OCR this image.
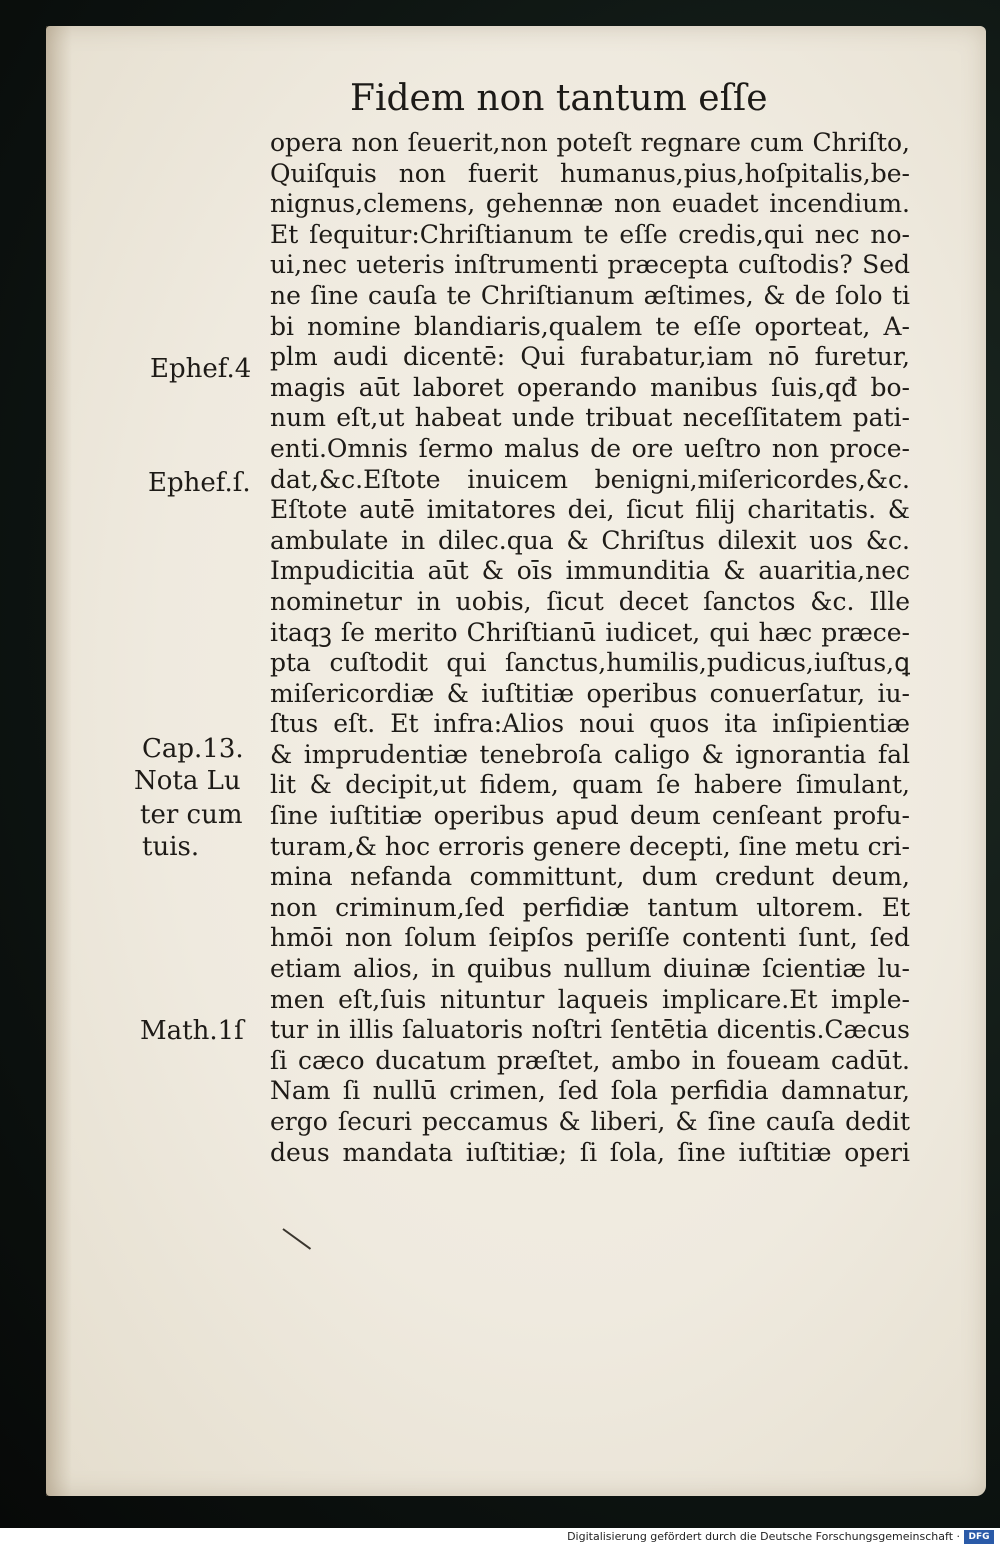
Fidem non tantum eſſe
opera non ſeuerit,non poteſt regnare cum Chriſto,
Quiſquis non fuerit humanus,pius,hoſpitalis,be-
nignus,clemens, gehennæ non euadet incendium.
Et ſequitur:Chriſtianum te eſſe credis,qui nec no-
ui,nec ueteris inſtrumenti præcepta cuſtodis? Sed
ne ſine cauſa te Chriſtianum æſtimes, & de ſolo ti
bi nomine blandiaris,qualem te eſſe oporteat, A-
plm audi dicentē: Qui furabatur,iam nō furetur,
magis aūt laboret operando manibus ſuis,qđ bo-
num eſt,ut habeat unde tribuat neceſſitatem pati-
enti.Omnis ſermo malus de ore ueſtro non proce-
dat,&c.Eſtote inuicem benigni,miſericordes,&c.
Eſtote autē imitatores dei, ſicut filij charitatis. &
ambulate in dilec.qua & Chriſtus dilexit uos &c.
Impudicitia aūt & oīs immunditia & auaritia,nec
nominetur in uobis, ſicut decet ſanctos &c. Ille
itaqꝫ ſe merito Chriſtianū iudicet, qui hæc præce-
pta cuſtodit qui ſanctus,humilis,pudicus,iuſtus,ꝗ
miſericordiæ & iuſtitiæ operibus conuerſatur, iu-
ſtus eſt. Et infra:Alios noui quos ita inſipientiæ
& imprudentiæ tenebroſa caligo & ignorantia fal
lit & decipit,ut fidem, quam ſe habere ſimulant,
ſine iuſtitiæ operibus apud deum cenſeant profu-
turam,& hoc erroris genere decepti, ſine metu cri-
mina nefanda committunt, dum credunt deum,
non criminum,ſed perfidiæ tantum ultorem. Et
hmōi non ſolum ſeipſos periſſe contenti ſunt, ſed
etiam alios, in quibus nullum diuinæ ſcientiæ lu-
men eſt,ſuis nituntur laqueis implicare.Et imple-
tur in illis ſaluatoris noſtri ſentētia dicentis.Cæcus
ſi cæco ducatum præſtet, ambo in foueam cadūt.
Nam ſi nullū crimen, ſed ſola perfidia damnatur,
ergo ſecuri peccamus & liberi, & ſine cauſa dedit
deus mandata iuſtitiæ; ſi ſola, ſine iuſtitiæ operi
Ephef.4
Ephef.ſ.
Cap.13.
Nota Lu
ter cum
tuis.
Math.1ſ
Digitalisierung gefördert durch die Deutsche Forschungsgemeinschaft · DFG
